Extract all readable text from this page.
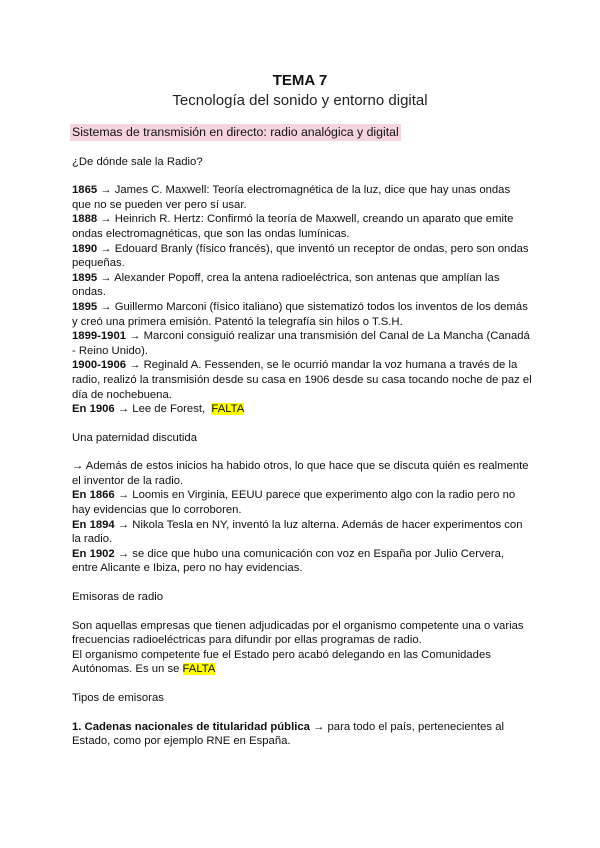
TEMA 7
Tecnología del sonido y entorno digital

Sistemas de transmisión en directo: radio analógica y digital

¿De dónde sale la Radio?

1865 → James C. Maxwell: Teoría electromagnética de la luz, dice que hay unas ondas que no se pueden ver pero sí usar.

1888 → Heinrich R. Hertz: Confirmó la teoría de Maxwell, creando un aparato que emite ondas electromagnéticas, que son las ondas lumínicas.

1890 → Edouard Branly (físico francés), que inventó un receptor de ondas, pero son ondas pequeñas.

1895 → Alexander Popoff, crea la antena radioeléctrica, son antenas que amplían las ondas.

1895 → Guillermo Marconi (físico italiano) que sistematizó todos los inventos de los demás y creó una primera emisión. Patentó la telegrafía sin hilos o T.S.H.

1899-1901 → Marconi consiguió realizar una transmisión del Canal de La Mancha (Canadá - Reino Unido).

1900-1906 → Reginald A. Fessenden, se le ocurrió mandar la voz humana a través de la radio, realizó la transmisión desde su casa en 1906 desde su casa tocando noche de paz el día de nochebuena.

En 1906 → Lee de Forest,  FALTA

Una paternidad discutida

→ Además de estos inicios ha habido otros, lo que hace que se discuta quién es realmente el inventor de la radio.

En 1866 → Loomis en Virginia, EEUU parece que experimento algo con la radio pero no hay evidencias que lo corroboren.

En 1894 → Nikola Tesla en NY, inventó la luz alterna. Además de hacer experimentos con la radio.

En 1902 → se dice que hubo una comunicación con voz en España por Julio Cervera, entre Alicante e Ibiza, pero no hay evidencias.

Emisoras de radio

Son aquellas empresas que tienen adjudicadas por el organismo competente una o varias frecuencias radioeléctricas para difundir por ellas programas de radio.

El organismo competente fue el Estado pero acabó delegando en las Comunidades Autónomas. Es un se FALTA

Tipos de emisoras

1. Cadenas nacionales de titularidad pública → para todo el país, pertenecientes al Estado, como por ejemplo RNE en España.
